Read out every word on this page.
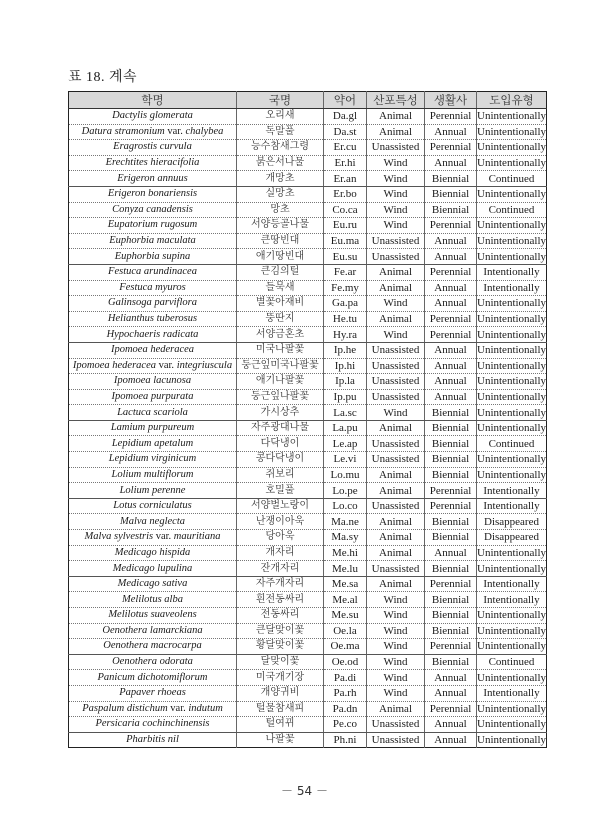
표 18. 계속
학명	국명	약어	산포특성	생활사	도입유형
Dactylis glomerata	오리새	Da.gl	Animal	Perennial	Unintentionally
Datura stramonium var. chalybea	독말풀	Da.st	Animal	Annual	Unintentionally
Eragrostis curvula	능수참새그령	Er.cu	Unassisted	Perennial	Unintentionally
Erechtites hieracifolia	붉은서나물	Er.hi	Wind	Annual	Unintentionally
Erigeron annuus	개망초	Er.an	Wind	Biennial	Continued
Erigeron bonariensis	실망초	Er.bo	Wind	Biennial	Unintentionally
Conyza canadensis	망초	Co.ca	Wind	Biennial	Continued
Eupatorium rugosum	서양등골나물	Eu.ru	Wind	Perennial	Unintentionally
Euphorbia maculata	큰땅빈대	Eu.ma	Unassisted	Annual	Unintentionally
Euphorbia supina	애기땅빈대	Eu.su	Unassisted	Annual	Unintentionally
Festuca arundinacea	큰김의털	Fe.ar	Animal	Perennial	Intentionally
Festuca myuros	들묵새	Fe.my	Animal	Annual	Intentionally
Galinsoga parviflora	별꽃아재비	Ga.pa	Wind	Annual	Unintentionally
Helianthus tuberosus	뚱딴지	He.tu	Animal	Perennial	Unintentionally
Hypochaeris radicata	서양금혼초	Hy.ra	Wind	Perennial	Unintentionally
Ipomoea hederacea	미국나팔꽃	Ip.he	Unassisted	Annual	Unintentionally
Ipomoea hederacea var. integriuscula	둥근잎미국나팔꽃	Ip.hi	Unassisted	Annual	Unintentionally
Ipomoea lacunosa	애기나팔꽃	Ip.la	Unassisted	Annual	Unintentionally
Ipomoea purpurata	둥근잎나팔꽃	Ip.pu	Unassisted	Annual	Unintentionally
Lactuca scariola	가시상추	La.sc	Wind	Biennial	Unintentionally
Lamium purpureum	자주광대나물	La.pu	Animal	Biennial	Unintentionally
Lepidium apetalum	다닥냉이	Le.ap	Unassisted	Biennial	Continued
Lepidium virginicum	콩다닥냉이	Le.vi	Unassisted	Biennial	Unintentionally
Lolium multiflorum	쥐보리	Lo.mu	Animal	Biennial	Unintentionally
Lolium perenne	호밀풀	Lo.pe	Animal	Perennial	Intentionally
Lotus corniculatus	서양벌노랑이	Lo.co	Unassisted	Perennial	Intentionally
Malva neglecta	난쟁이아욱	Ma.ne	Animal	Biennial	Disappeared
Malva sylvestris var. mauritiana	당아욱	Ma.sy	Animal	Biennial	Disappeared
Medicago hispida	개자리	Me.hi	Animal	Annual	Unintentionally
Medicago lupulina	잔개자리	Me.lu	Unassisted	Biennial	Unintentionally
Medicago sativa	자주개자리	Me.sa	Animal	Perennial	Intentionally
Melilotus alba	흰전동싸리	Me.al	Wind	Biennial	Intentionally
Melilotus suaveolens	전동싸리	Me.su	Wind	Biennial	Unintentionally
Oenothera lamarckiana	큰달맞이꽃	Oe.la	Wind	Biennial	Unintentionally
Oenothera macrocarpa	황달맞이꽃	Oe.ma	Wind	Perennial	Unintentionally
Oenothera odorata	달맞이꽃	Oe.od	Wind	Biennial	Continued
Panicum dichotomiflorum	미국개기장	Pa.di	Wind	Annual	Unintentionally
Papaver rhoeas	개양귀비	Pa.rh	Wind	Annual	Intentionally
Paspalum distichum var. indutum	털물참새피	Pa.dn	Animal	Perennial	Unintentionally
Persicaria cochinchinensis	털여뀌	Pe.co	Unassisted	Annual	Unintentionally
Pharbitis nil	나팔꽃	Ph.ni	Unassisted	Annual	Unintentionally
－ 54 －
